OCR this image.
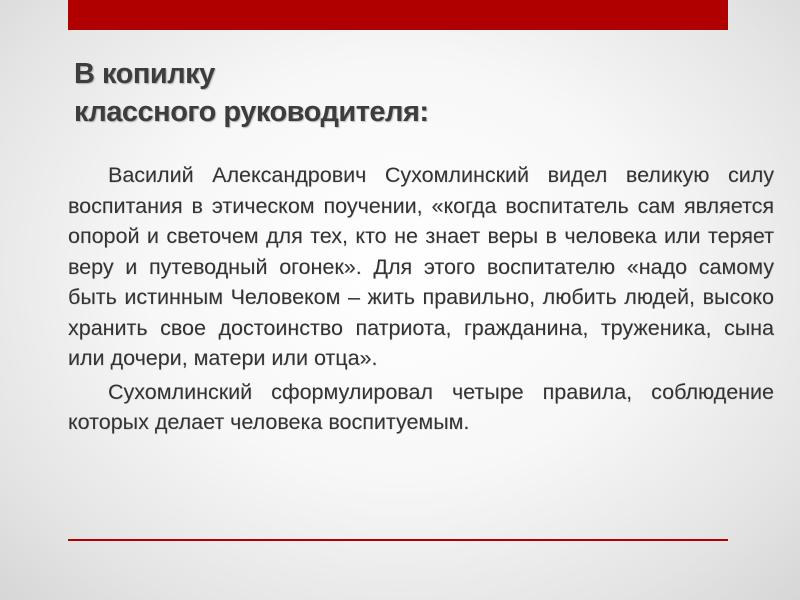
В копилку
классного руководителя:

Василий Александрович Сухомлинский видел великую силу воспитания в этическом поучении, «когда воспитатель сам является опорой и светочем для тех, кто не знает веры в человека или теряет веру и путеводный огонек». Для этого воспитателю «надо самому быть истинным Человеком – жить правильно, любить людей, высоко хранить свое достоинство патриота, гражданина, труженика, сына или дочери, матери или отца».

Сухомлинский сформулировал четыре правила, соблюдение которых делает человека воспитуемым.
